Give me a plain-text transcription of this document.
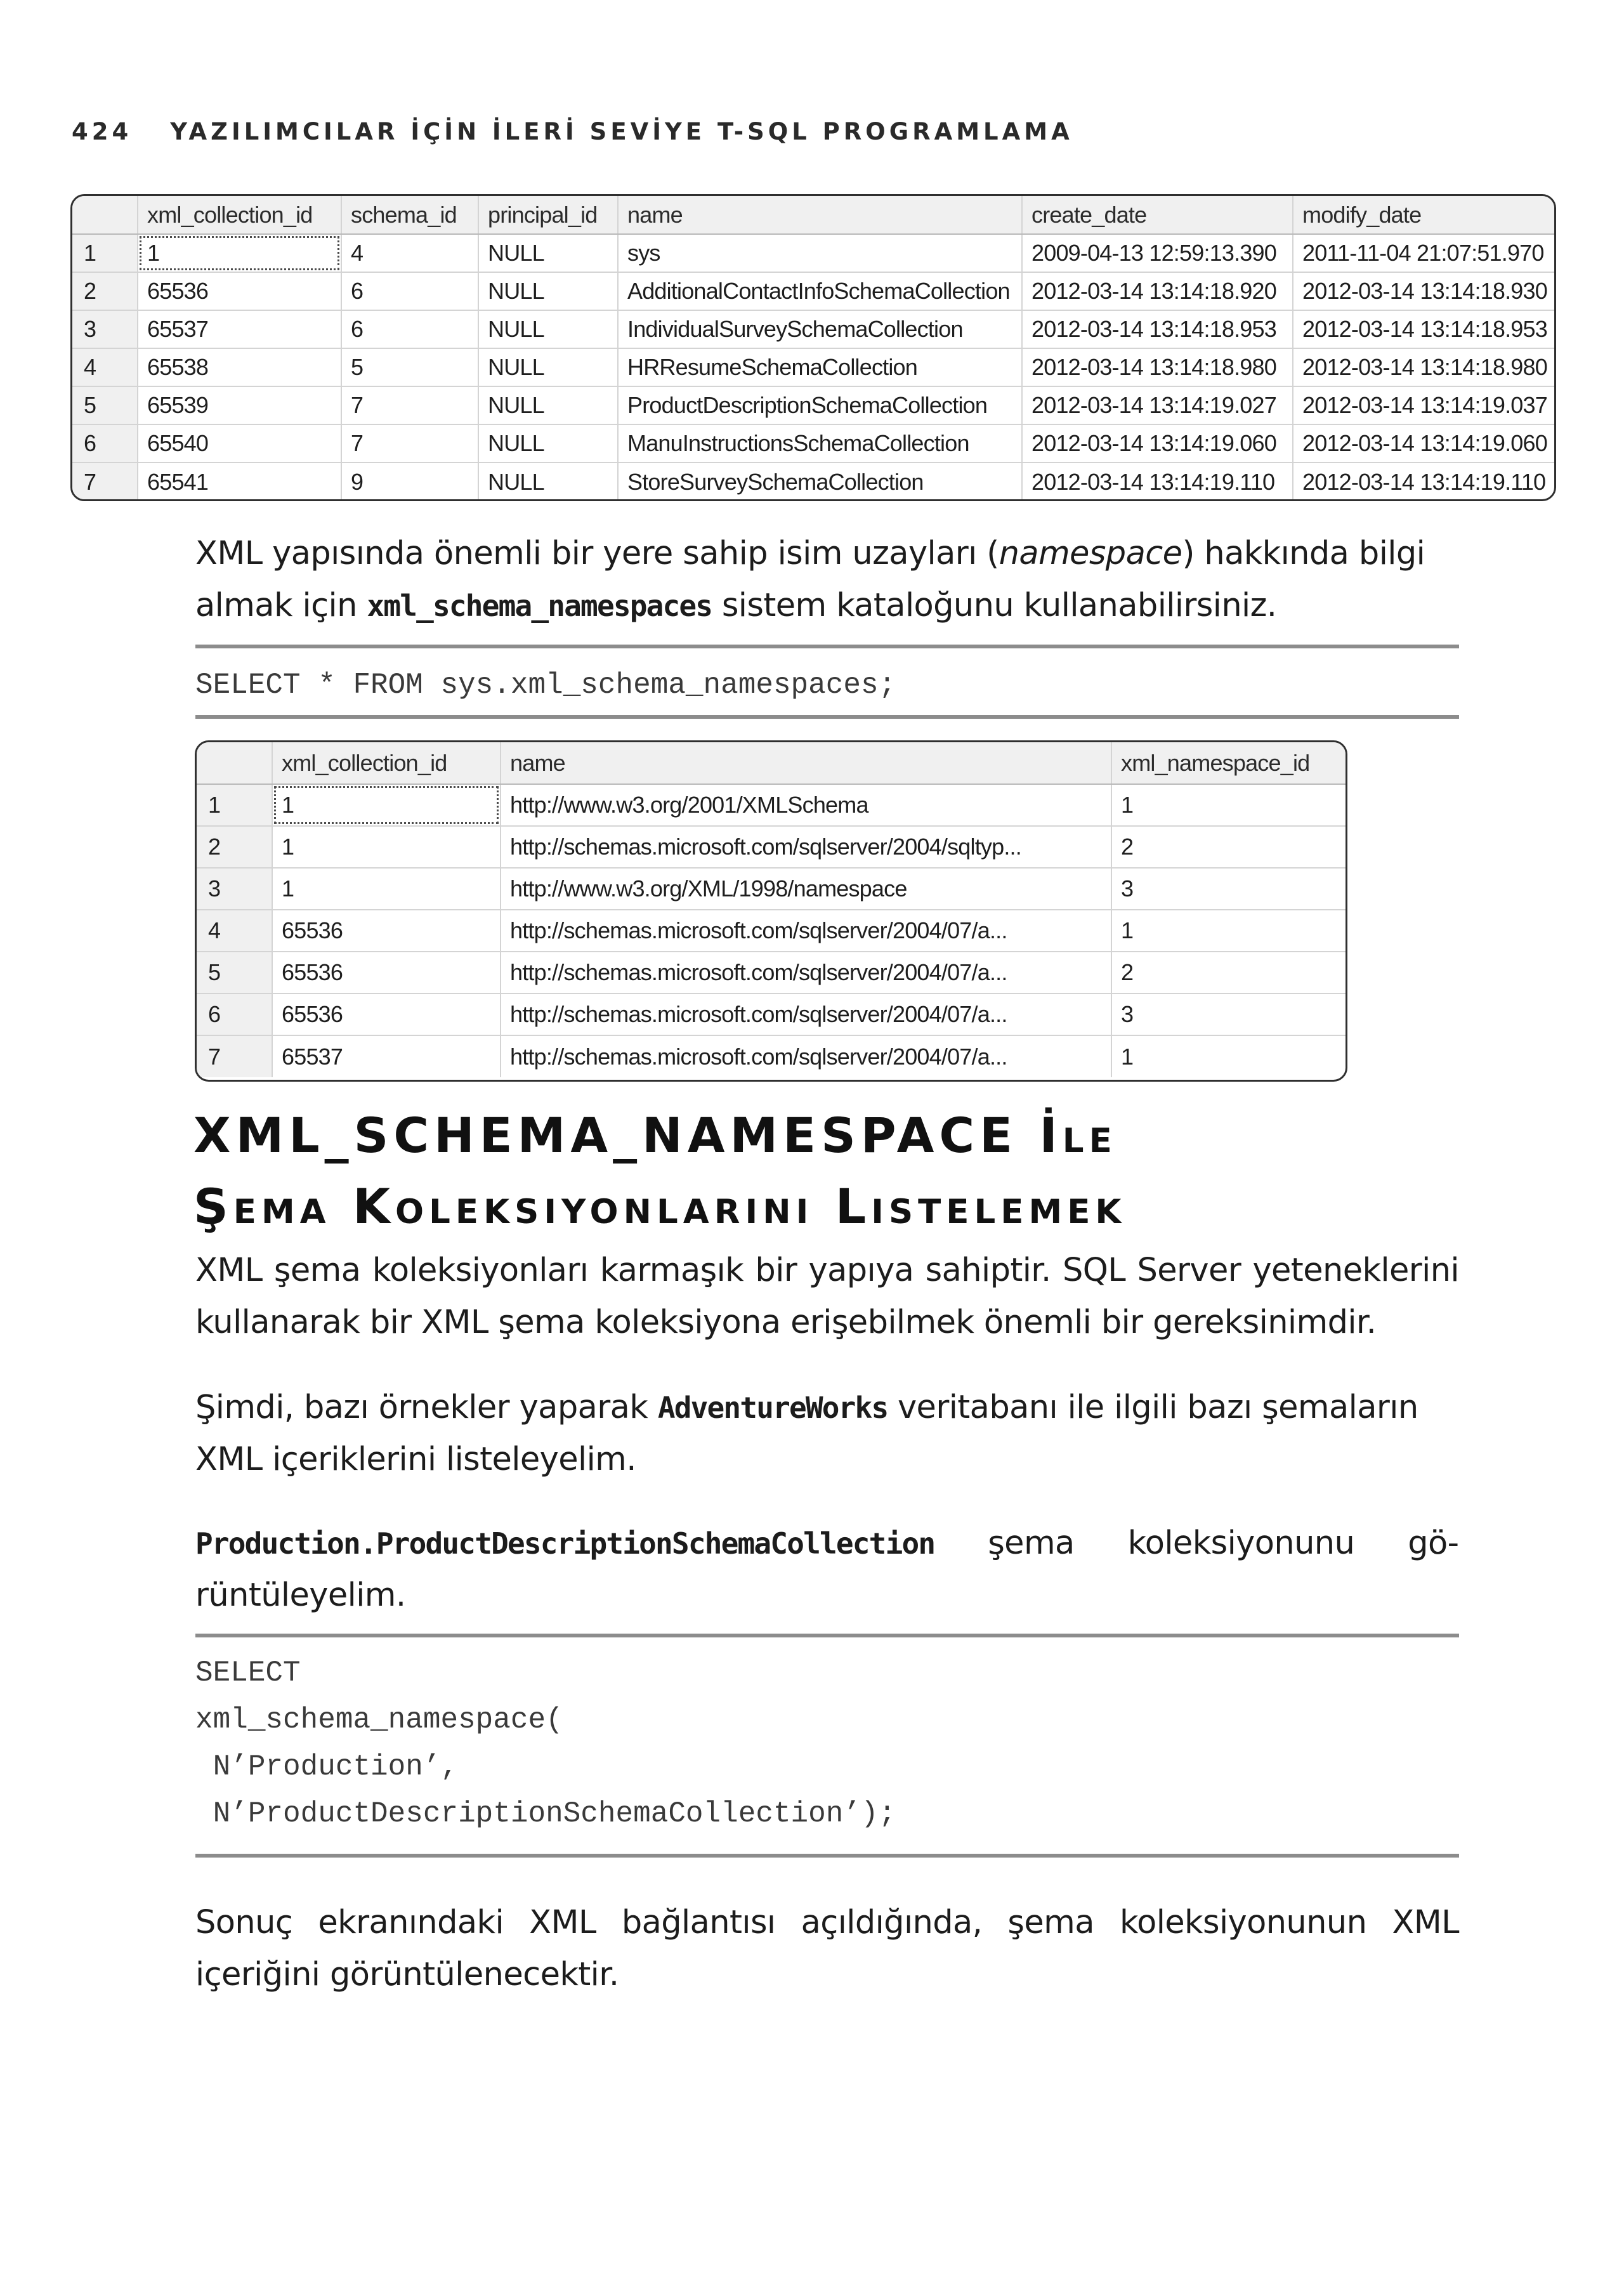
424 YAZILIMCILAR İÇİN İLERİ SEVİYE T-SQL PROGRAMLAMA
	xml_collection_id	schema_id	principal_id	name	create_date	modify_date
1	1	4	NULL	sys	2009-04-13 12:59:13.390	2011-11-04 21:07:51.970
2	65536	6	NULL	AdditionalContactInfoSchemaCollection	2012-03-14 13:14:18.920	2012-03-14 13:14:18.930
3	65537	6	NULL	IndividualSurveySchemaCollection	2012-03-14 13:14:18.953	2012-03-14 13:14:18.953
4	65538	5	NULL	HRResumeSchemaCollection	2012-03-14 13:14:18.980	2012-03-14 13:14:18.980
5	65539	7	NULL	ProductDescriptionSchemaCollection	2012-03-14 13:14:19.027	2012-03-14 13:14:19.037
6	65540	7	NULL	ManuInstructionsSchemaCollection	2012-03-14 13:14:19.060	2012-03-14 13:14:19.060
7	65541	9	NULL	StoreSurveySchemaCollection	2012-03-14 13:14:19.110	2012-03-14 13:14:19.110

XML yapısında önemli bir yere sahip isim uzayları (namespace) hakkında bilgi almak için xml_schema_namespaces sistem kataloğunu kullanabilirsiniz.

SELECT * FROM sys.xml_schema_namespaces;
	xml_collection_id	name	xml_namespace_id
1	1	http://www.w3.org/2001/XMLSchema	1
2	1	http://schemas.microsoft.com/sqlserver/2004/sqltyp...	2
3	1	http://www.w3.org/XML/1998/namespace	3
4	65536	http://schemas.microsoft.com/sqlserver/2004/07/a...	1
5	65536	http://schemas.microsoft.com/sqlserver/2004/07/a...	2
6	65536	http://schemas.microsoft.com/sqlserver/2004/07/a...	3
7	65537	http://schemas.microsoft.com/sqlserver/2004/07/a...	1
XML_SCHEMA_NAMESPACE İle
Şema Koleksiyonlarını Listelemek

XML şema koleksiyonları karmaşık bir yapıya sahiptir. SQL Server yeteneklerini kullanarak bir XML şema koleksiyona erişebilmek önemli bir gereksinimdir.

Şimdi, bazı örnekler yaparak AdventureWorks veritabanı ile ilgili bazı şemaların XML içeriklerini listeleyelim.

Production.ProductDescriptionSchemaCollection şema koleksiyonunu görüntüleyelim.

SELECT
xml_schema_namespace(
N’Production’,
N’ProductDescriptionSchemaCollection’);

Sonuç ekranındaki XML bağlantısı açıldığında, şema koleksiyonunun XML içeriğini görüntülenecektir.
